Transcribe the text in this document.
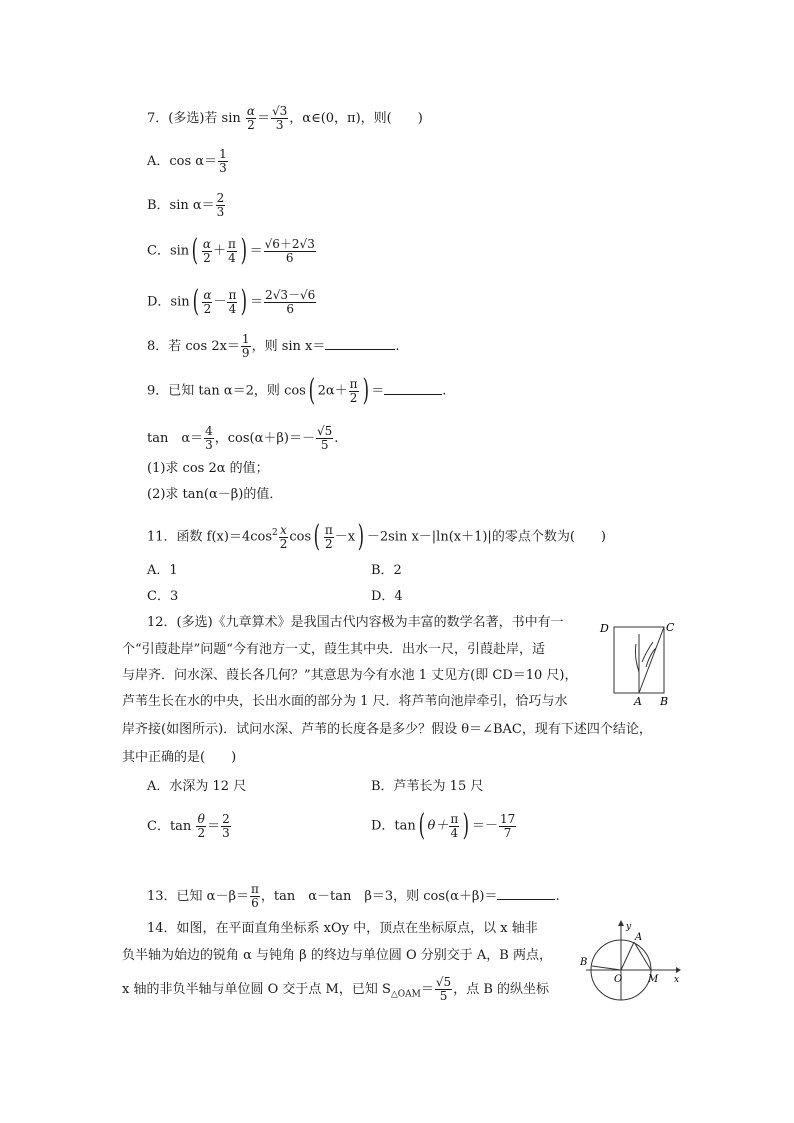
7．(多选)若 $\sin \frac{\alpha}{2} = \frac{√3}{3}$ ，α∈(0，π)，则(　　)
A．$\cos \alpha= \frac{1}{3}$
B．$\sin \alpha= \frac{2}{3}$
C．$\sin( \frac{\alpha}{2} + \frac{\pi}{4}$ ) ＝ $\frac{√6+2√3}{6}$
D．$\sin( \frac{\alpha}{2} - \frac{\pi}{4}$ ) ＝ $\frac{2√3-√6}{6}$
8．若 $\cos 2x= \frac{1}{9}$ ，则 sin x＝	.
9．已知 tan α＝2，则 cos( $2\alpha+ \frac{\pi}{2}$ ) ＝	.
tan　$\alpha= \frac{4}{3}$ ，$\cos(\alpha+\beta)=- \frac{√5}{5}$ .
(1)求 cos 2α 的值；
(2)求 tan(α－β)的值．
11．函数 $f(x)=4\cos^2 \frac{x}{2} \cos( \frac{\pi}{2} -x) -2\sin$ x－|ln(x＋1)|的零点个数为(　　)
A．1	B．2
C．3	D．4
12．(多选)《九章算术》是我国古代内容极为丰富的数学名著，书中有一
个“引葭赴岸”问题“今有池方一丈，葭生其中央．出水一尺，引葭赴岸，适
与岸齐．问水深、葭长各几何？”其意思为今有水池 1 丈见方(即 CD＝10 尺)，
芦苇生长在水的中央，长出水面的部分为 1 尺．将芦苇向池岸牵引，恰巧与水
岸齐接(如图所示)．试问水深、芦苇的长度各是多少？假设 θ＝∠BAC，现有下述四个结论，
其中正确的是(　　)
D	C
A B
A．水深为 12 尺	B．芦苇长为 15 尺
C．$\tan \frac{\theta}{2} = \frac{2}{3}$	D．tan( $\theta+ \frac{\pi}{4}$ ) ＝－ $\frac{17}{7}$
13．已知 $\alpha-\beta= \frac{\pi}{6}$ ，tan　α－tan　β＝3，则 cos(α＋β)＝	.
14．如图，在平面直角坐标系 xOy 中，顶点在坐标原点，以 x 轴非
负半轴为始边的锐角 α 与钝角 β 的终边与单位圆 O 分别交于 A，B 两点，
x 轴的非负半轴与单位圆 O 交于点 M，已知 $S_{\triangle OAM}= \frac{√5}{5}$ ，点 B 的纵坐标
y
x
A
B
O	M
